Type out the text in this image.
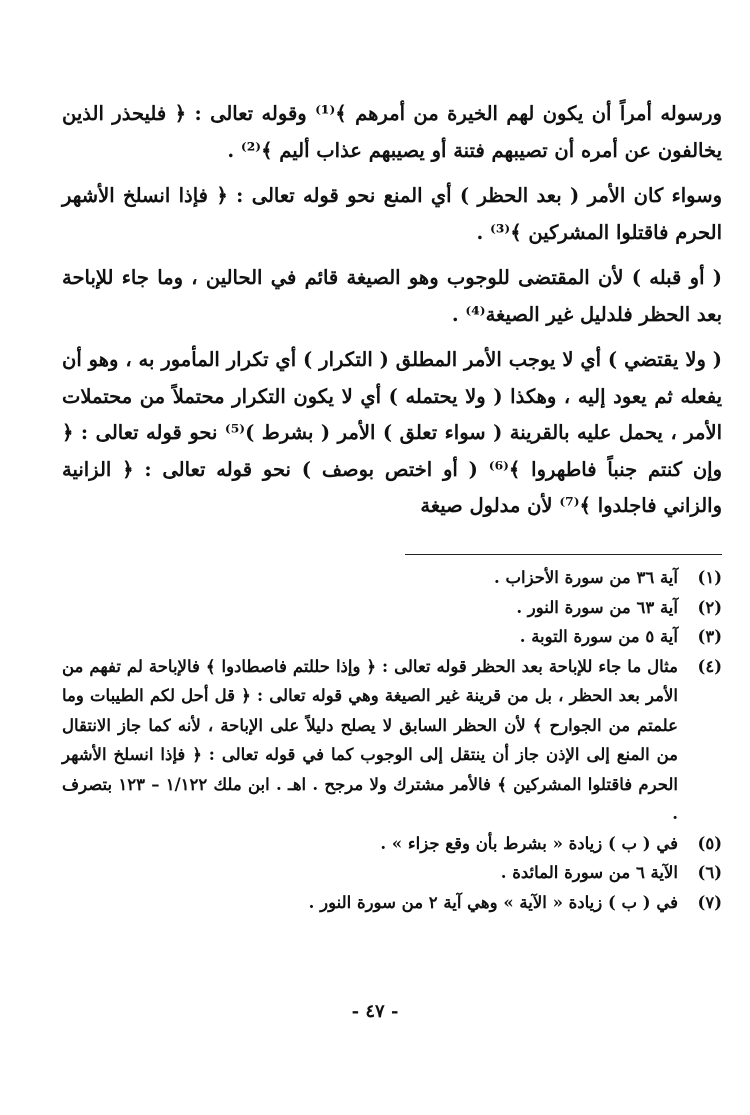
ورسوله أمراً أن يكون لهم الخيرة من أمرهم ﴾⁽¹⁾ وقوله تعالى : ﴿ فليحذر الذين يخالفون عن أمره أن تصيبهم فتنة أو يصيبهم عذاب أليم ﴾⁽²⁾ .

وسواء كان الأمر ( بعد الحظر ) أي المنع نحو قوله تعالى : ﴿ فإذا انسلخ الأشهر الحرم فاقتلوا المشركين ﴾⁽³⁾ .

( أو قبله ) لأن المقتضى للوجوب وهو الصيغة قائم في الحالين ، وما جاء للإباحة بعد الحظر فلدليل غير الصيغة⁽⁴⁾ .

( ولا يقتضي ) أي لا يوجب الأمر المطلق ( التكرار ) أي تكرار المأمور به ، وهو أن يفعله ثم يعود إليه ، وهكذا ( ولا يحتمله ) أي لا يكون التكرار محتملاً من محتملات الأمر ، يحمل عليه بالقرينة ( سواء تعلق ) الأمر ( بشرط )⁽⁵⁾ نحو قوله تعالى : ﴿ وإن كنتم جنباً فاطهروا ﴾⁽⁶⁾ ( أو اختص بوصف ) نحو قوله تعالى : ﴿ الزانية والزاني فاجلدوا ﴾⁽⁷⁾ لأن مدلول صيغة

(١)
آية ٣٦ من سورة الأحزاب .
(٢)
آية ٦٣ من سورة النور .
(٣)
آية ٥ من سورة التوبة .
(٤)
مثال ما جاء للإباحة بعد الحظر قوله تعالى : ﴿ وإذا حللتم فاصطادوا ﴾ فالإباحة لم تفهم من الأمر بعد الحظر ، بل من قرينة غير الصيغة وهي قوله تعالى : ﴿ قل أحل لكم الطيبات وما علمتم من الجوارح ﴾ لأن الحظر السابق لا يصلح دليلاً على الإباحة ، لأنه كما جاز الانتقال من المنع إلى الإذن جاز أن ينتقل إلى الوجوب كما في قوله تعالى : ﴿ فإذا انسلخ الأشهر الحرم فاقتلوا المشركين ﴾ فالأمر مشترك ولا مرجح . اهـ . ابن ملك ١/١٢٢ – ١٢٣ بتصرف .
(٥)
في ( ب ) زيادة « بشرط بأن وقع جزاء » .
(٦)
الآية ٦ من سورة المائدة .
(٧)
في ( ب ) زيادة « الآية » وهي آية ٢ من سورة النور .
- ٤٧ -
